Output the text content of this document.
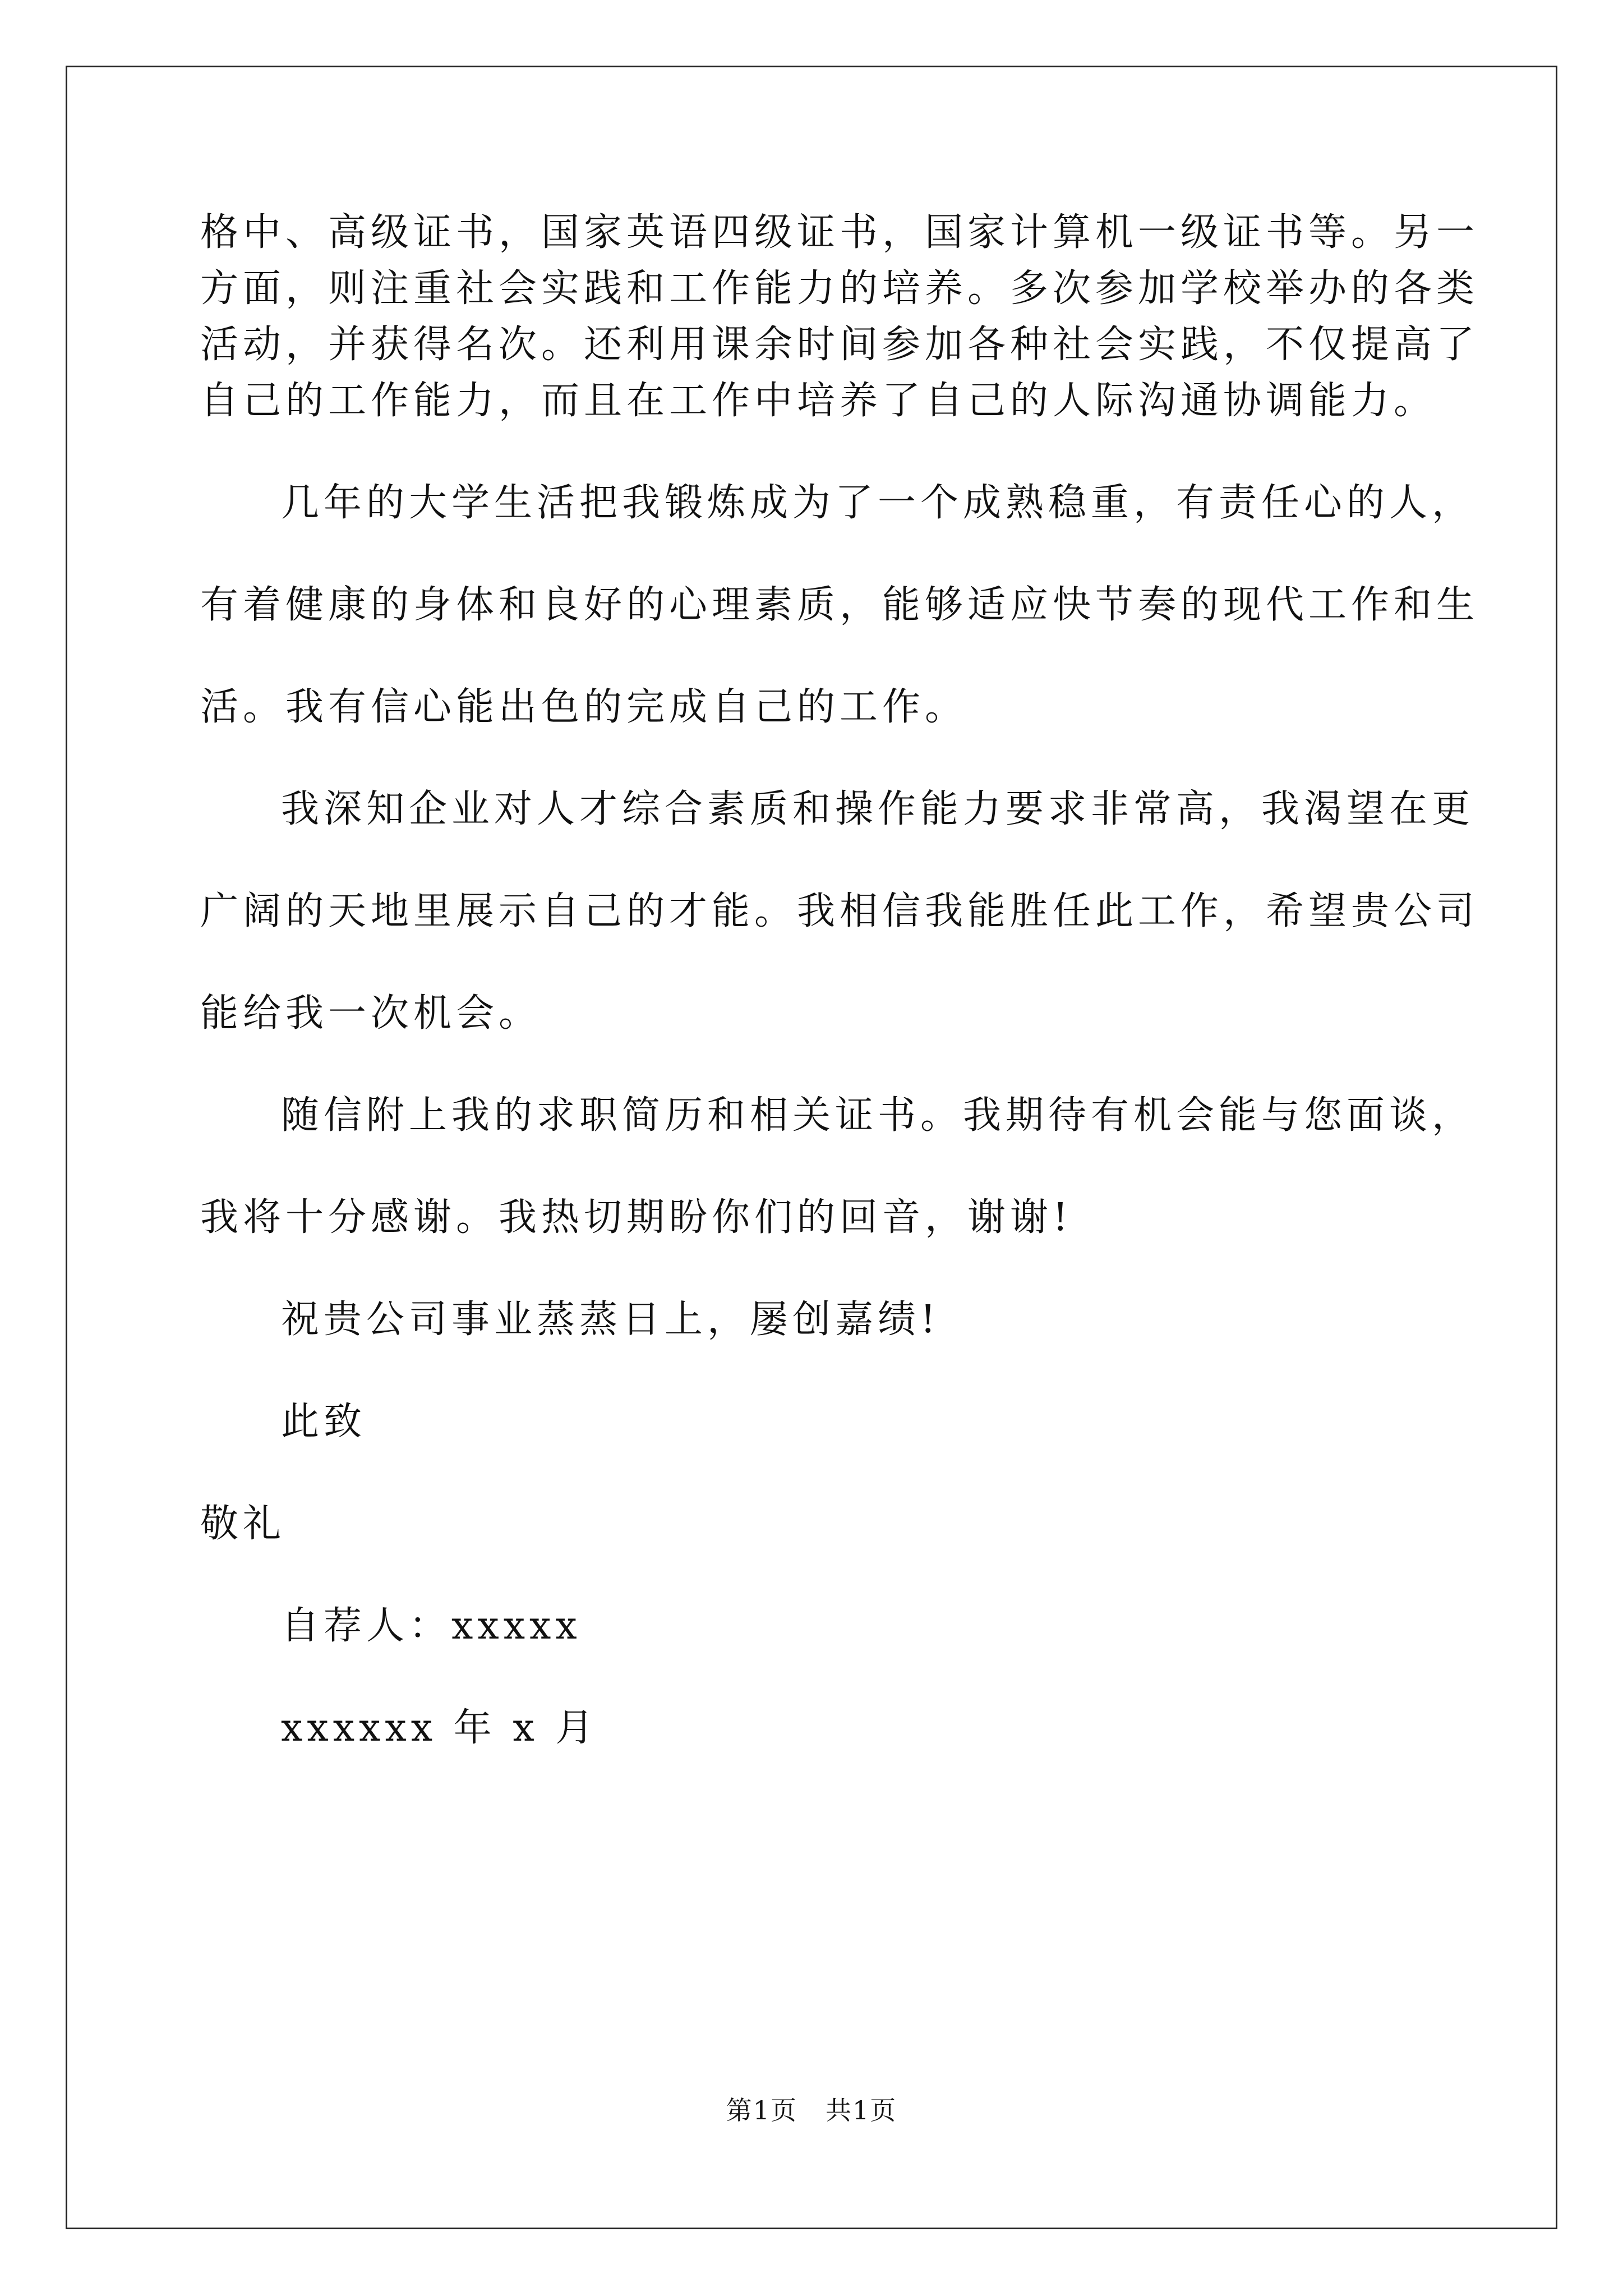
格中、高级证书，国家英语四级证书，国家计算机一级证书等。另一
方面，则注重社会实践和工作能力的培养。多次参加学校举办的各类
活动，并获得名次。还利用课余时间参加各种社会实践，不仅提高了
自己的工作能力，而且在工作中培养了自己的人际沟通协调能力。
几年的大学生活把我锻炼成为了一个成熟稳重，有责任心的人，
有着健康的身体和良好的心理素质，能够适应快节奏的现代工作和生
活。我有信心能出色的完成自己的工作。
我深知企业对人才综合素质和操作能力要求非常高，我渴望在更
广阔的天地里展示自己的才能。我相信我能胜任此工作，希望贵公司
能给我一次机会。
随信附上我的求职简历和相关证书。我期待有机会能与您面谈，
我将十分感谢。我热切期盼你们的回音，谢谢!
祝贵公司事业蒸蒸日上，屡创嘉绩!
此致
敬礼
自荐人：xxxxx
xxxxxx 年 x 月
第1页 共1页
